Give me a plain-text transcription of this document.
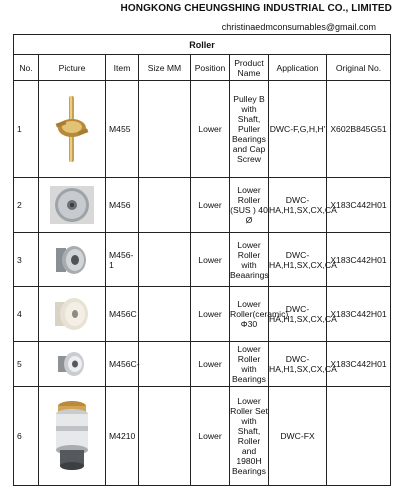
HONGKONG CHEUNGSHING INDUSTRIAL CO., LIMITED
christinaedmconsumables@gmail.com
Roller							
No.	Picture	Item	Size MM	Position	Product Name	Application	Original No.
1		M455		Lower	Pulley B with Shaft, Puller Bearings and Cap Screw	DWC-F,G,H,H'	X602B845G51
2		M456		Lower	Lower Roller (SUS ) 40 Ø	DWC-HA,H1,SX,CX,CA	X183C442H01
3		M456-1		Lower	Lower Roller with Beaarings	DWC-HA,H1,SX,CX,CA	X183C442H01
4		M456C		Lower	Lower Roller(ceramic) Φ30	DWC-HA,H1,SX,CX,CA	X183C442H01
5		M456C-		Lower	Lower Roller with Bearings	DWC-HA,H1,SX,CX,CA	X183C442H01
6		M4210		Lower	Lower Roller Set with Shaft, Roller and 1980H Bearings	DWC-FX	
